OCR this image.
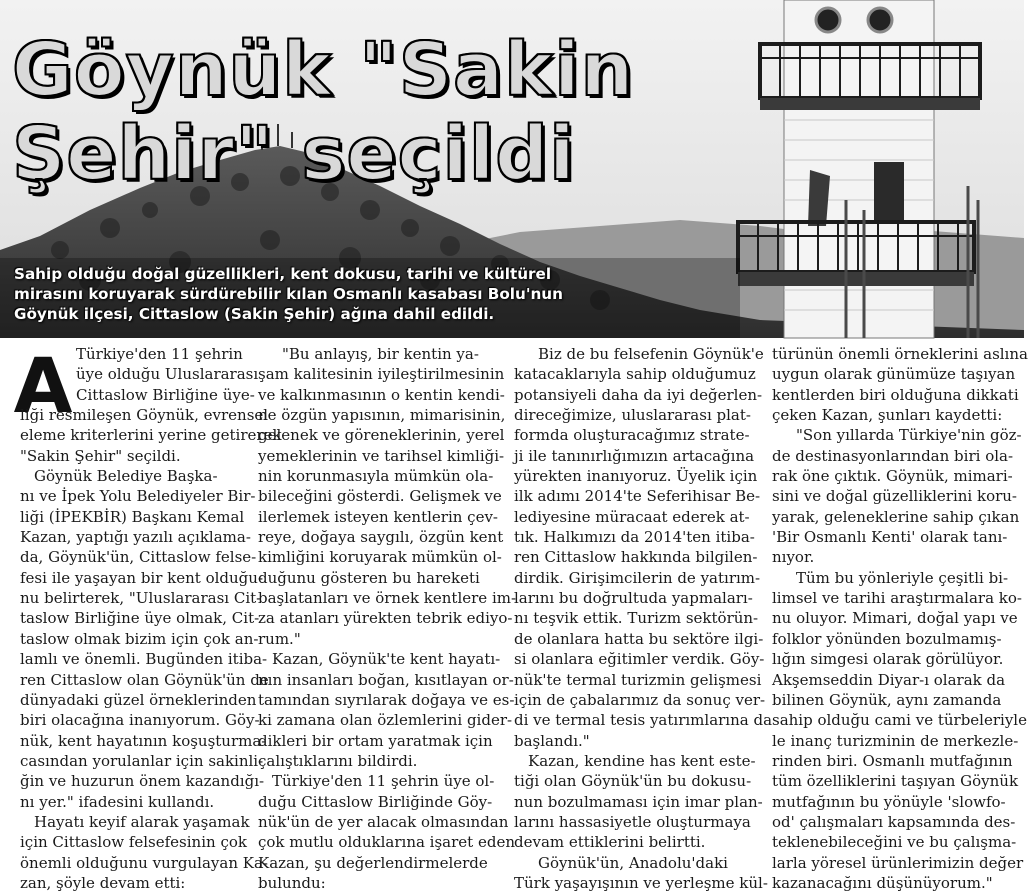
Göynük "Sakin
Şehir" seçildi

Sahip olduğu doğal güzellikleri, kent dokusu, tarihi ve kültürel
mirasını koruyarak sürdürebilir kılan Osmanlı kasabası Bolu'nun
Göynük ilçesi, Cittaslow (Sakin Şehir) ağına dahil edildi.

A Türkiye'den 11 şehrin
üye olduğu Uluslararası
Cittaslow Birliğine üye-
liği resmileşen Göynük, evrensel
eleme kriterlerini yerine getirerek
"Sakin Şehir" seçildi.
Göynük Belediye Başka-
nı ve İpek Yolu Belediyeler Bir-
liği (İPEKBİR) Başkanı Kemal
Kazan, yaptığı yazılı açıklama-
da, Göynük'ün, Cittaslow felse-
fesi ile yaşayan bir kent olduğu-
nu belirterek, "Uluslararası Cit-
taslow Birliğine üye olmak, Cit-
taslow olmak bizim için çok an-
lamlı ve önemli. Bugünden itiba-
ren Cittaslow olan Göynük'ün de
dünyadaki güzel örneklerinden
biri olacağına inanıyorum. Göy-
nük, kent hayatının koşuşturma-
casından yorulanlar için sakinli-
ğin ve huzurun önem kazandığı-
nı yer." ifadesini kullandı.
Hayatı keyif alarak yaşamak
için Cittaslow felsefesinin çok
önemli olduğunu vurgulayan Ka-
zan, şöyle devam etti:
"Bu anlayış, bir kentin ya-
şam kalitesinin iyileştirilmesinin
ve kalkınmasının o kentin kendi-
ne özgün yapısının, mimarisinin,
gelenek ve göreneklerinin, yerel
yemeklerinin ve tarihsel kimliği-
nin korunmasıyla mümkün ola-
bileceğini gösterdi. Gelişmek ve
ilerlemek isteyen kentlerin çev-
reye, doğaya saygılı, özgün kent
kimliğini koruyarak mümkün ol-
duğunu gösteren bu hareketi
başlatanları ve örnek kentlere im-
za atanları yürekten tebrik ediyo-
rum."
Kazan, Göynük'te kent hayatı-
nın insanları boğan, kısıtlayan or-
tamından sıyrılarak doğaya ve es-
ki zamana olan özlemlerini gider-
dikleri bir ortam yaratmak için
çalıştıklarını bildirdi.
Türkiye'den 11 şehrin üye ol-
duğu Cittaslow Birliğinde Göy-
nük'ün de yer alacak olmasından
çok mutlu olduklarına işaret eden
Kazan, şu değerlendirmelerde
bulundu:
Biz de bu felsefenin Göynük'e
katacaklarıyla sahip olduğumuz
potansiyeli daha da iyi değerlen-
direceğimize, uluslararası plat-
formda oluşturacağımız strate-
ji ile tanınırlığımızın artacağına
yürekten inanıyoruz. Üyelik için
ilk adımı 2014'te Seferihisar Be-
lediyesine müracaat ederek at-
tık. Halkımızı da 2014'ten itiba-
ren Cittaslow hakkında bilgilen-
dirdik. Girişimcilerin de yatırım-
larını bu doğrultuda yapmaları-
nı teşvik ettik. Turizm sektörün-
de olanlara hatta bu sektöre ilgi-
si olanlara eğitimler verdik. Göy-
nük'te termal turizmin gelişmesi
için de çabalarımız da sonuç ver-
di ve termal tesis yatırımlarına da
başlandı."
Kazan, kendine has kent este-
tiği olan Göynük'ün bu dokusu-
nun bozulmaması için imar plan-
larını hassasiyetle oluşturmaya
devam ettiklerini belirtti.
Göynük'ün, Anadolu'daki
Türk yaşayışının ve yerleşme kül-
türünün önemli örneklerini aslına
uygun olarak günümüze taşıyan
kentlerden biri olduğuna dikkati
çeken Kazan, şunları kaydetti:
"Son yıllarda Türkiye'nin göz-
de destinasyonlarından biri ola-
rak öne çıktık. Göynük, mimari-
sini ve doğal güzelliklerini koru-
yarak, geleneklerine sahip çıkan
'Bir Osmanlı Kenti' olarak tanı-
nıyor.
Tüm bu yönleriyle çeşitli bi-
limsel ve tarihi araştırmalara ko-
nu oluyor. Mimari, doğal yapı ve
folklor yönünden bozulmamış-
lığın simgesi olarak görülüyor.
Akşemseddin Diyar-ı olarak da
bilinen Göynük, aynı zamanda
sahip olduğu cami ve türbeleriyle
le inanç turizminin de merkezle-
rinden biri. Osmanlı mutfağının
tüm özelliklerini taşıyan Göynük
mutfağının bu yönüyle 'slowfo-
od' çalışmaları kapsamında des-
teklenebileceğini ve bu çalışma-
larla yöresel ürünlerimizin değer
kazanacağını düşünüyorum."
